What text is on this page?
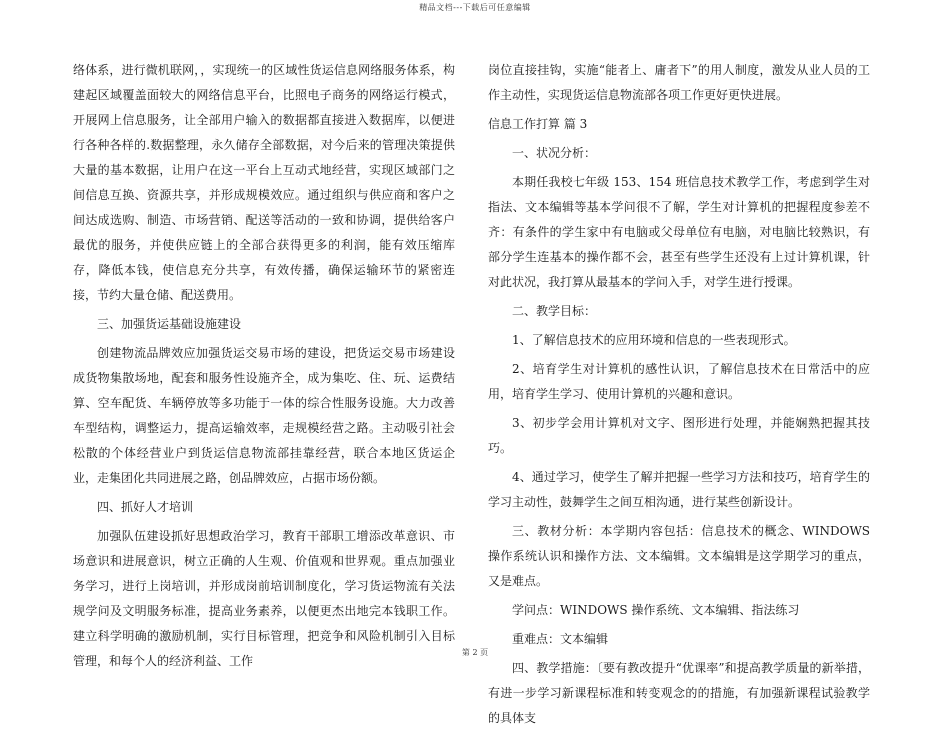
精品文档---下载后可任意编辑

络体系，进行微机联网，，实现统一的区域性货运信息网络服务体系，构建起区域覆盖面较大的网络信息平台，比照电子商务的网络运行模式，开展网上信息服务，让全部用户输入的数据都直接进入数据库，以便进行各种各样的.数据整理，永久储存全部数据，对今后来的管理决策提供大量的基本数据，让用户在这一平台上互动式地经营，实现区域部门之间信息互换、资源共享，并形成规模效应。通过组织与供应商和客户之间达成选购、制造、市场营销、配送等活动的一致和协调，提供给客户最优的服务，并使供应链上的全部合获得更多的利润，能有效压缩库存，降低本钱，使信息充分共享，有效传播，确保运输环节的紧密连接，节约大量仓储、配送费用。

三、加强货运基础设施建设

创建物流品牌效应加强货运交易市场的建设，把货运交易市场建设成货物集散场地，配套和服务性设施齐全，成为集吃、住、玩、运费结算、空车配货、车辆停放等多功能于一体的综合性服务设施。大力改善车型结构，调整运力，提高运输效率，走规模经营之路。主动吸引社会松散的个体经营业户到货运信息物流部挂靠经营，联合本地区货运企业，走集团化共同进展之路，创品牌效应，占据市场份额。

四、抓好人才培训

加强队伍建设抓好思想政治学习，教育干部职工增添改革意识、市场意识和进展意识，树立正确的人生观、价值观和世界观。重点加强业务学习，进行上岗培训，并形成岗前培训制度化，学习货运物流有关法规学问及文明服务标准，提高业务素养，以便更杰出地完本钱职工作。建立科学明确的激励机制，实行目标管理，把竞争和风险机制引入目标管理，和每个人的经济利益、工作

岗位直接挂钩，实施“能者上、庸者下”的用人制度，激发从业人员的工作主动性，实现货运信息物流部各项工作更好更快进展。

信息工作打算 篇 3

一、状况分析：

本期任我校七年级 153、154 班信息技术教学工作，考虑到学生对指法、文本编辑等基本学问很不了解，学生对计算机的把握程度参差不齐：有条件的学生家中有电脑或父母单位有电脑，对电脑比较熟识，有部分学生连基本的操作都不会，甚至有些学生还没有上过计算机课，针对此状况，我打算从最基本的学问入手，对学生进行授课。

二、教学目标：

1、了解信息技术的应用环境和信息的一些表现形式。

2、培育学生对计算机的感性认识，了解信息技术在日常活中的应用，培育学生学习、使用计算机的兴趣和意识。

3、初步学会用计算机对文字、图形进行处理，并能娴熟把握其技巧。

4、通过学习，使学生了解并把握一些学习方法和技巧，培育学生的学习主动性，鼓舞学生之间互相沟通，进行某些创新设计。

三、教材分析：本学期内容包括：信息技术的概念、WINDOWS 操作系统认识和操作方法、文本编辑。文本编辑是这学期学习的重点，又是难点。

学问点：WINDOWS 操作系统、文本编辑、指法练习

重难点：文本编辑

四、教学措施：〔要有教改提升“优课率”和提高教学质量的新举措，有进一步学习新课程标准和转变观念的的措施，有加强新课程试验教学的具体支

第 2 页
